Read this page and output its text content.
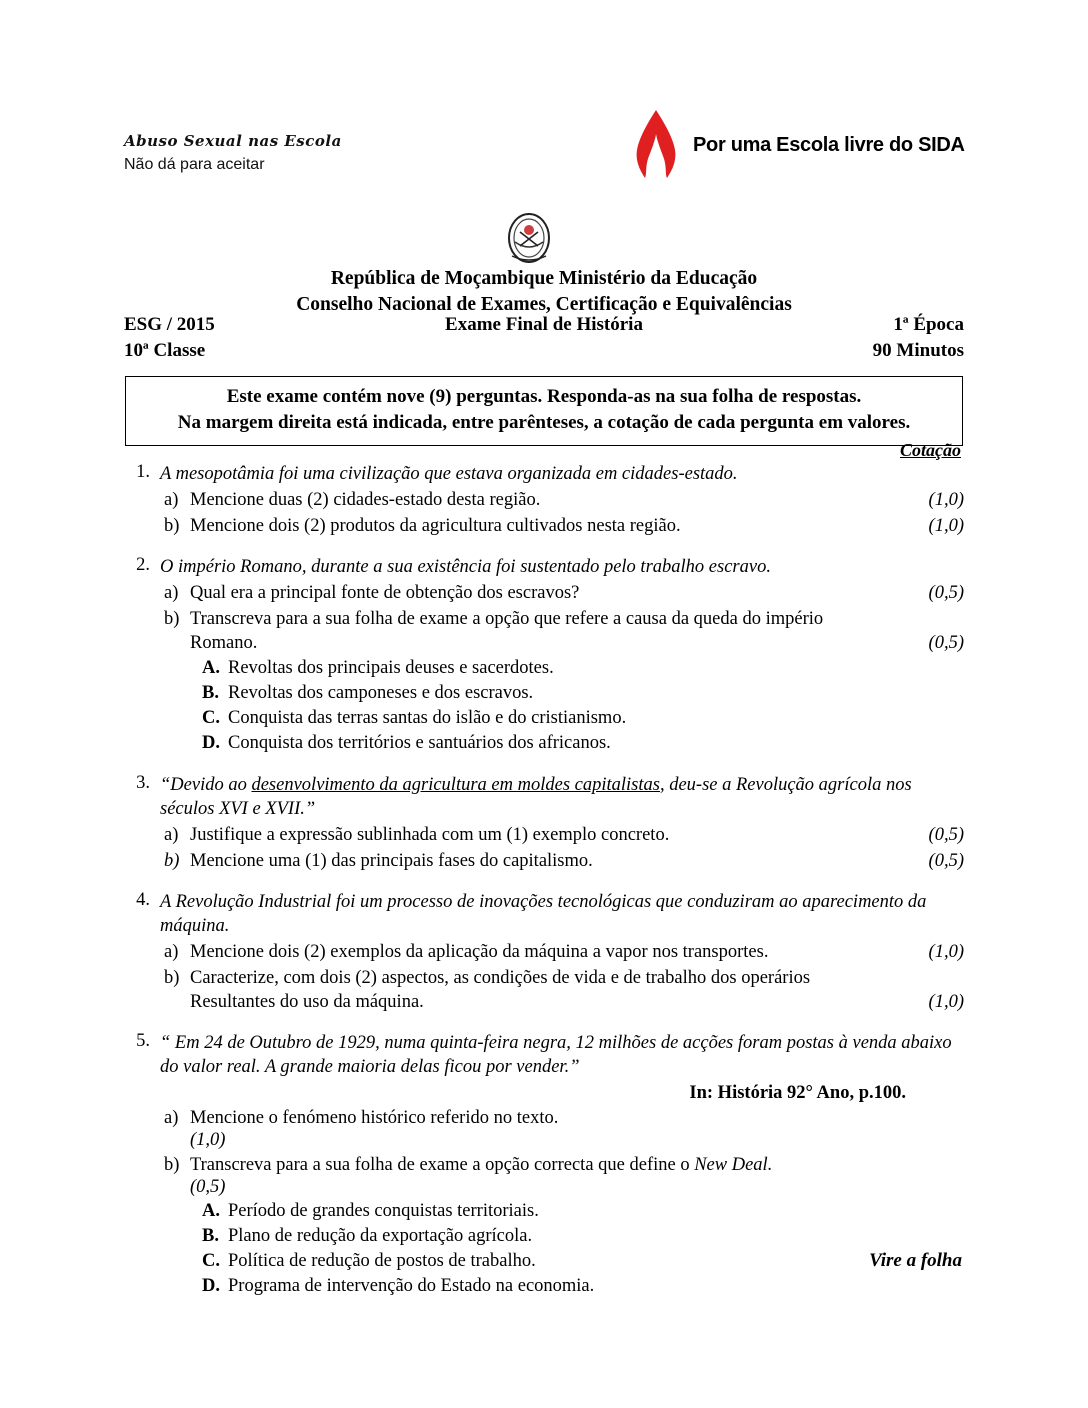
Abuso Sexual nas Escola
Não dá para aceitar
Por uma Escola livre do SIDA
República de Moçambique Ministério da Educação
Conselho Nacional de Exames, Certificação e Equivalências
ESG / 2015	Exame Final de História	1ª Época
10ª Classe	90 Minutos
Este exame contém nove (9) perguntas. Responda-as na sua folha de respostas.
Na margem direita está indicada, entre parênteses, a cotação de cada pergunta em valores.
Cotação
1. A mesopotâmia foi uma civilização que estava organizada em cidades-estado.
a) Mencione duas (2) cidades-estado desta região.	(1,0)
b) Mencione dois (2) produtos da agricultura cultivados nesta região.	(1,0)
2. O império Romano, durante a sua existência foi sustentado pelo trabalho escravo.
a) Qual era a principal fonte de obtenção dos escravos?	(0,5)
b) Transcreva para a sua folha de exame a opção que refere a causa da queda do império
Romano.	(0,5)
A. Revoltas dos principais deuses e sacerdotes.
B. Revoltas dos camponeses e dos escravos.
C. Conquista das terras santas do islão e do cristianismo.
D. Conquista dos territórios e santuários dos africanos.
3. “Devido ao desenvolvimento da agricultura em moldes capitalistas, deu-se a Revolução agrícola nos séculos XVI e XVII.”
a) Justifique a expressão sublinhada com um (1) exemplo concreto.	(0,5)
b) Mencione uma (1) das principais fases do capitalismo.	(0,5)
4. A Revolução Industrial foi um processo de inovações tecnológicas que conduziram ao aparecimento da máquina.
a) Mencione dois (2) exemplos da aplicação da máquina a vapor nos transportes.	(1,0)
b) Caracterize, com dois (2) aspectos, as condições de vida e de trabalho dos operários
Resultantes do uso da máquina.	(1,0)
5. “ Em 24 de Outubro de 1929, numa quinta-feira negra, 12 milhões de acções foram postas à venda abaixo do valor real. A grande maioria delas ficou por vender.”
In: História 92° Ano, p.100.
a) Mencione o fenómeno histórico referido no texto.
(1,0)
b) Transcreva para a sua folha de exame a opção correcta que define o New Deal.
(0,5)
A. Período de grandes conquistas territoriais.
B. Plano de redução da exportação agrícola.
C. Política de redução de postos de trabalho.
D. Programa de intervenção do Estado na economia.
Vire a folha
